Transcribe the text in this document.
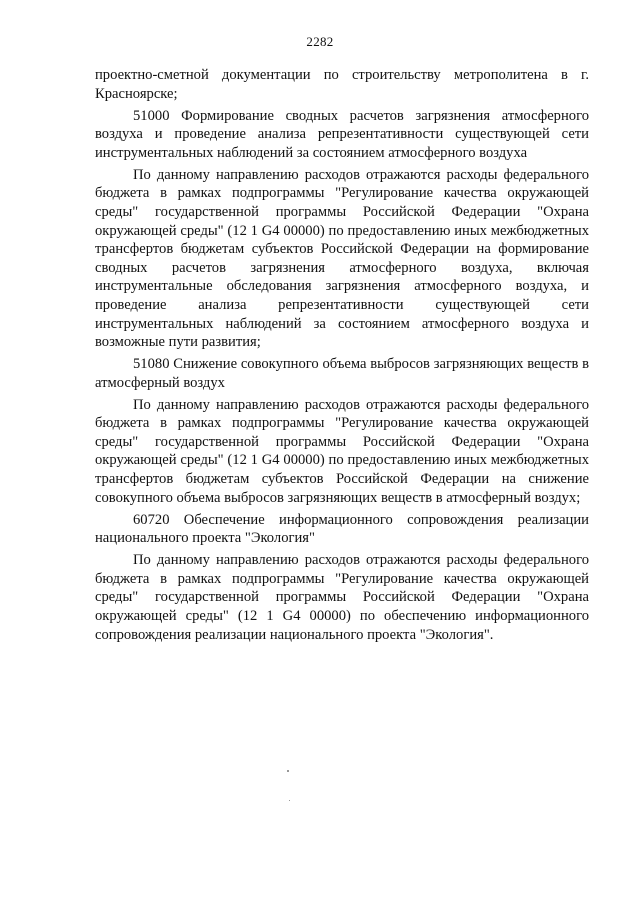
2282

проектно-сметной документации по строительству метрополитена в г. Красноярске;

51000 Формирование сводных расчетов загрязнения атмосферного воздуха и проведение анализа репрезентативности существующей сети инструментальных наблюдений за состоянием атмосферного воздуха

По данному направлению расходов отражаются расходы федерального бюджета в рамках подпрограммы "Регулирование качества окружающей среды" государственной программы Российской Федерации "Охрана окружающей среды" (12 1 G4 00000) по предоставлению иных межбюджетных трансфертов бюджетам субъектов Российской Федерации на формирование сводных расчетов загрязнения атмосферного воздуха, включая инструментальные обследования загрязнения атмосферного воздуха, и проведение анализа репрезентативности существующей сети инструментальных наблюдений за состоянием атмосферного воздуха и возможные пути развития;

51080 Снижение совокупного объема выбросов загрязняющих веществ в атмосферный воздух

По данному направлению расходов отражаются расходы федерального бюджета в рамках подпрограммы "Регулирование качества окружающей среды" государственной программы Российской Федерации "Охрана окружающей среды" (12 1 G4 00000) по предоставлению иных межбюджетных трансфертов бюджетам субъектов Российской Федерации на снижение совокупного объема выбросов загрязняющих веществ в атмосферный воздух;

60720 Обеспечение информационного сопровождения реализации национального проекта "Экология"

По данному направлению расходов отражаются расходы федерального бюджета в рамках подпрограммы "Регулирование качества окружающей среды" государственной программы Российской Федерации "Охрана окружающей среды" (12 1 G4 00000) по обеспечению информационного сопровождения реализации национального проекта "Экология".
